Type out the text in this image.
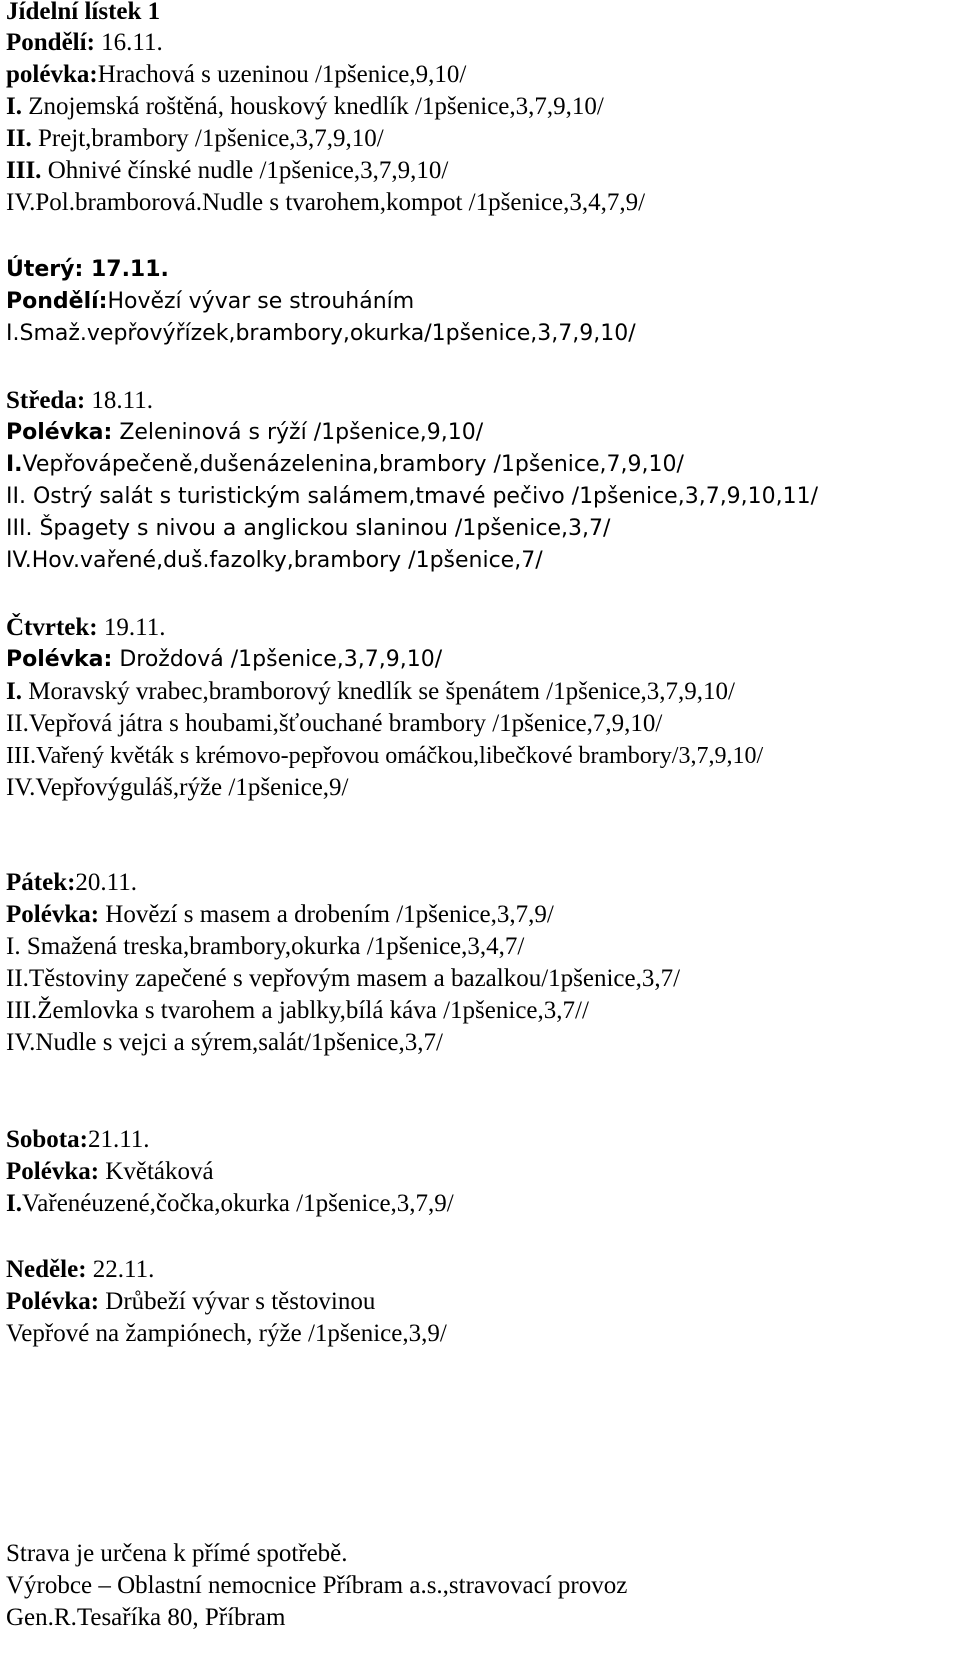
Jídelní lístek 1
Pondělí: 16.11.
polévka:Hrachová s uzeninou /1pšenice,9,10/
I. Znojemská roštěná, houskový knedlík /1pšenice,3,7,9,10/
II. Prejt,brambory /1pšenice,3,7,9,10/
III. Ohnivé čínské nudle /1pšenice,3,7,9,10/
IV.Pol.bramborová.Nudle s tvarohem,kompot /1pšenice,3,4,7,9/
Úterý: 17.11.
Pondělí:Hovězí vývar se strouháním
I.Smaž.vepřovýřízek,brambory,okurka/1pšenice,3,7,9,10/
Středa: 18.11.
Polévka: Zeleninová s rýží /1pšenice,9,10/
I.Vepřovápečeně,dušenázelenina,brambory /1pšenice,7,9,10/
II. Ostrý salát s turistickým salámem,tmavé pečivo /1pšenice,3,7,9,10,11/
III. Špagety s nivou a anglickou slaninou /1pšenice,3,7/
IV.Hov.vařené,duš.fazolky,brambory /1pšenice,7/
Čtvrtek: 19.11.
Polévka: Droždová /1pšenice,3,7,9,10/
I. Moravský vrabec,bramborový knedlík se špenátem /1pšenice,3,7,9,10/
II.Vepřová játra s houbami,šťouchané brambory /1pšenice,7,9,10/
III.Vařený květák s krémovo-pepřovou omáčkou,libečkové brambory/3,7,9,10/
IV.Vepřovýguláš,rýže /1pšenice,9/
Pátek:20.11.
Polévka: Hovězí s masem a drobením /1pšenice,3,7,9/
I. Smažená treska,brambory,okurka /1pšenice,3,4,7/
II.Těstoviny zapečené s vepřovým masem a bazalkou/1pšenice,3,7/
III.Žemlovka s tvarohem a jablky,bílá káva /1pšenice,3,7//
IV.Nudle s vejci a sýrem,salát/1pšenice,3,7/
Sobota:21.11.
Polévka: Květáková
I.Vařenéuzené,čočka,okurka /1pšenice,3,7,9/
Neděle: 22.11.
Polévka: Drůbeží vývar s těstovinou
Vepřové na žampiónech, rýže /1pšenice,3,9/
Strava je určena k přímé spotřebě.
Výrobce – Oblastní nemocnice Příbram a.s.,stravovací provoz
Gen.R.Tesaříka 80, Příbram
